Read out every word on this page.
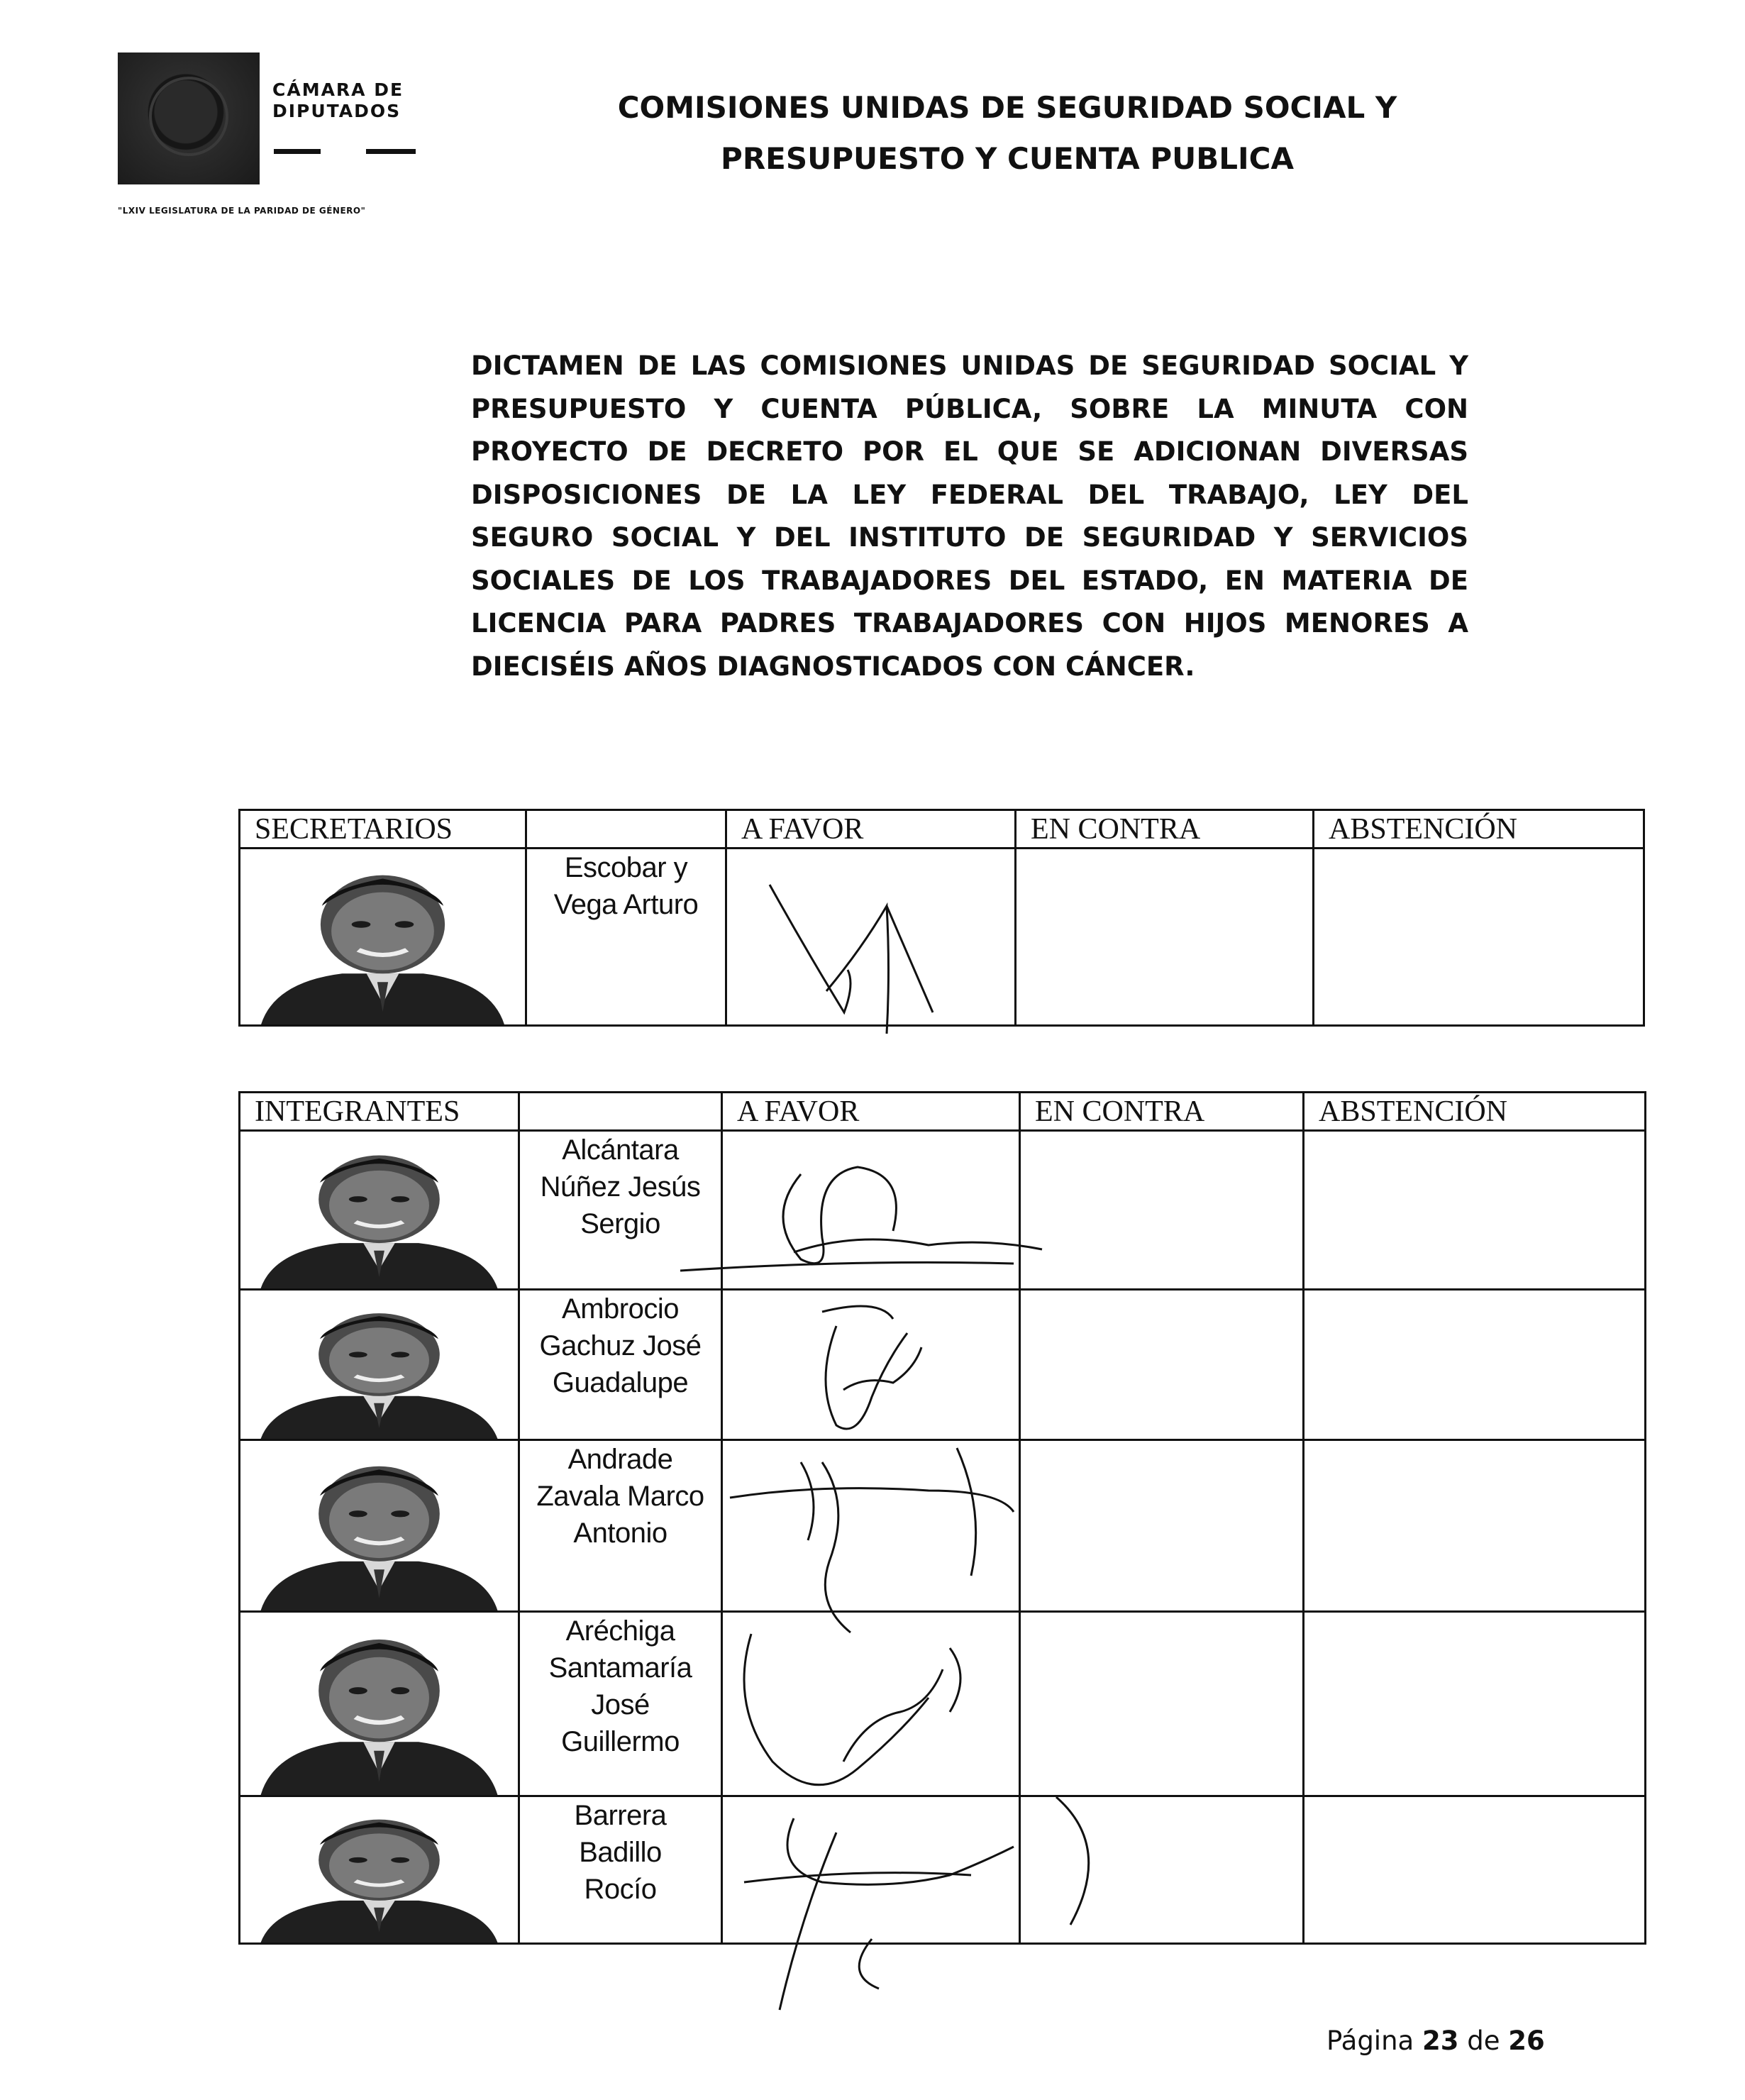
CÁMARA DE
DIPUTADOS
"LXIV LEGISLATURA DE LA PARIDAD DE GÉNERO"
COMISIONES UNIDAS DE SEGURIDAD SOCIAL Y
PRESUPUESTO Y CUENTA PUBLICA
DICTAMEN DE LAS COMISIONES UNIDAS DE SEGURIDAD SOCIAL Y PRESUPUESTO Y CUENTA PÚBLICA, SOBRE LA MINUTA CON PROYECTO DE DECRETO POR EL QUE SE ADICIONAN DIVERSAS DISPOSICIONES DE LA LEY FEDERAL DEL TRABAJO, LEY DEL SEGURO SOCIAL Y DEL INSTITUTO DE SEGURIDAD Y SERVICIOS SOCIALES DE LOS TRABAJADORES DEL ESTADO, EN MATERIA DE LICENCIA PARA PADRES TRABAJADORES CON HIJOS MENORES A DIECISÉIS AÑOS DIAGNOSTICADOS CON CÁNCER.
SECRETARIOS		A FAVOR	EN CONTRA	ABSTENCIÓN

Escobar y
Vega Arturo

INTEGRANTES		A FAVOR	EN CONTRA	ABSTENCIÓN

Alcántara
Núñez Jesús
Sergio

Ambrocio
Gachuz José
Guadalupe

Andrade
Zavala Marco
Antonio

Aréchiga
Santamaría
José
Guillermo

Barrera
Badillo
Rocío

Página 23 de 26
